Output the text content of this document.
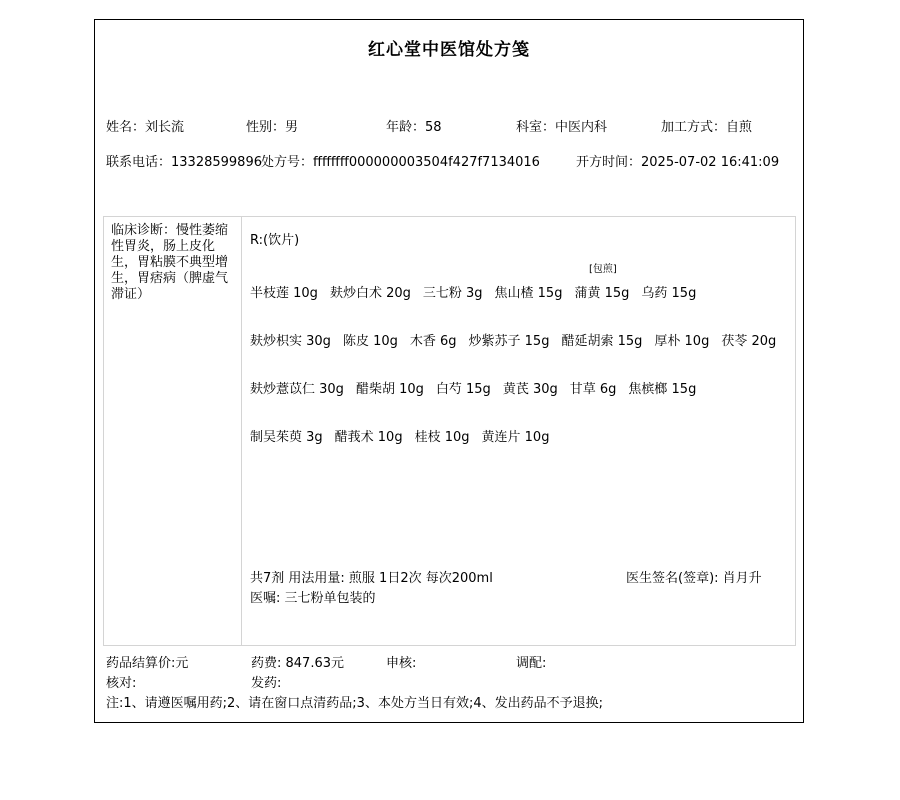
红心堂中医馆处方笺
姓名：刘长流	性别：男	年龄：58	科室：中医内科	加工方式：自煎
联系电话：13328599896 处方号：ffffffff000000003504f427f7134016	开方时间：2025-07-02 16:41:09
临床诊断：慢性萎缩性胃炎，肠上皮化生，胃粘膜不典型增生，胃痞病（脾虚气滞证）
R:(饮片)
[包煎]
半枝莲 10g 麸炒白术 20g 三七粉 3g 焦山楂 15g 蒲黄 15g 乌药 15g
麸炒枳实 30g 陈皮 10g 木香 6g 炒紫苏子 15g 醋延胡索 15g 厚朴 10g 茯苓 20g
麸炒薏苡仁 30g 醋柴胡 10g 白芍 15g 黄芪 30g 甘草 6g 焦槟榔 15g
制吴茱萸 3g 醋莪术 10g 桂枝 10g 黄连片 10g
共7剂 用法用量: 煎服 1日2次 每次200ml	医生签名(签章): 肖月升
医嘱: 三七粉单包装的
药品结算价:元	药费: 847.63元	申核:	调配:
核对:	发药:
注:1、请遵医嘱用药;2、请在窗口点清药品;3、本处方当日有效;4、发出药品不予退换;
